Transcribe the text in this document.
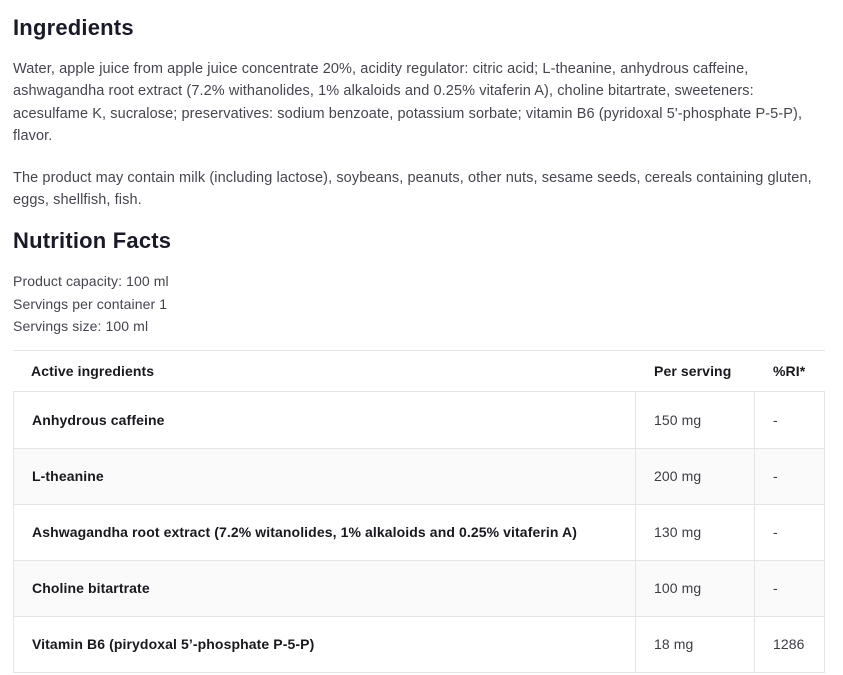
Ingredients

Water, apple juice from apple juice concentrate 20%, acidity regulator: citric acid; L-theanine, anhydrous caffeine, ashwagandha root extract (7.2% withanolides, 1% alkaloids and 0.25% vitaferin A), choline bitartrate, sweeteners: acesulfame K, sucralose; preservatives: sodium benzoate, potassium sorbate; vitamin B6 (pyridoxal 5'-phosphate P-5-P), flavor.

The product may contain milk (including lactose), soybeans, peanuts, other nuts, sesame seeds, cereals containing gluten, eggs, shellfish, fish.

Nutrition Facts

Product capacity: 100 ml

Servings per container 1

Servings size: 100 ml

Active ingredients	Per serving	%RI*
Anhydrous caffeine	150 mg	-
L-theanine	200 mg	-
Ashwagandha root extract (7.2% witanolides, 1% alkaloids and 0.25% vitaferin A)	130 mg	-
Choline bitartrate	100 mg	-
Vitamin B6 (pirydoxal 5’-phosphate P-5-P)	18 mg	1286
